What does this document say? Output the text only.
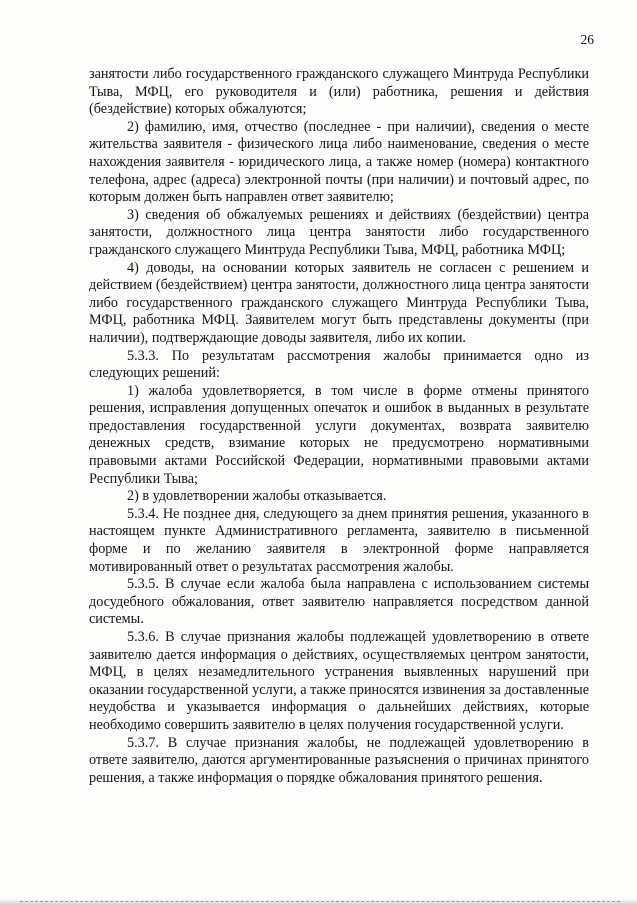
26

занятости либо государственного гражданского служащего Минтруда Республики Тыва, МФЦ, его руководителя и (или) работника, решения и действия (бездействие) которых обжалуются;

2) фамилию, имя, отчество (последнее - при наличии), сведения о месте жительства заявителя - физического лица либо наименование, сведения о месте нахождения заявителя - юридического лица, а также номер (номера) контактного телефона, адрес (адреса) электронной почты (при наличии) и почтовый адрес, по которым должен быть направлен ответ заявителю;

3) сведения об обжалуемых решениях и действиях (бездействии) центра занятости, должностного лица центра занятости либо государственного гражданского служащего Минтруда Республики Тыва, МФЦ, работника МФЦ;

4) доводы, на основании которых заявитель не согласен с решением и действием (бездействием) центра занятости, должностного лица центра занятости либо государственного гражданского служащего Минтруда Республики Тыва, МФЦ, работника МФЦ. Заявителем могут быть представлены документы (при наличии), подтверждающие доводы заявителя, либо их копии.

5.3.3. По результатам рассмотрения жалобы принимается одно из следующих решений:

1) жалоба удовлетворяется, в том числе в форме отмены принятого решения, исправления допущенных опечаток и ошибок в выданных в результате предоставления государственной услуги документах, возврата заявителю денежных средств, взимание которых не предусмотрено нормативными правовыми актами Российской Федерации, нормативными правовыми актами Республики Тыва;

2) в удовлетворении жалобы отказывается.

5.3.4. Не позднее дня, следующего за днем принятия решения, указанного в настоящем пункте Административного регламента, заявителю в письменной форме и по желанию заявителя в электронной форме направляется мотивированный ответ о результатах рассмотрения жалобы.

5.3.5. В случае если жалоба была направлена с использованием системы досудебного обжалования, ответ заявителю направляется посредством данной системы.

5.3.6. В случае признания жалобы подлежащей удовлетворению в ответе заявителю дается информация о действиях, осуществляемых центром занятости, МФЦ, в целях незамедлительного устранения выявленных нарушений при оказании государственной услуги, а также приносятся извинения за доставленные неудобства и указывается информация о дальнейших действиях, которые необходимо совершить заявителю в целях получения государственной услуги.

5.3.7. В случае признания жалобы, не подлежащей удовлетворению в ответе заявителю, даются аргументированные разъяснения о причинах принятого решения, а также информация о порядке обжалования принятого решения.
